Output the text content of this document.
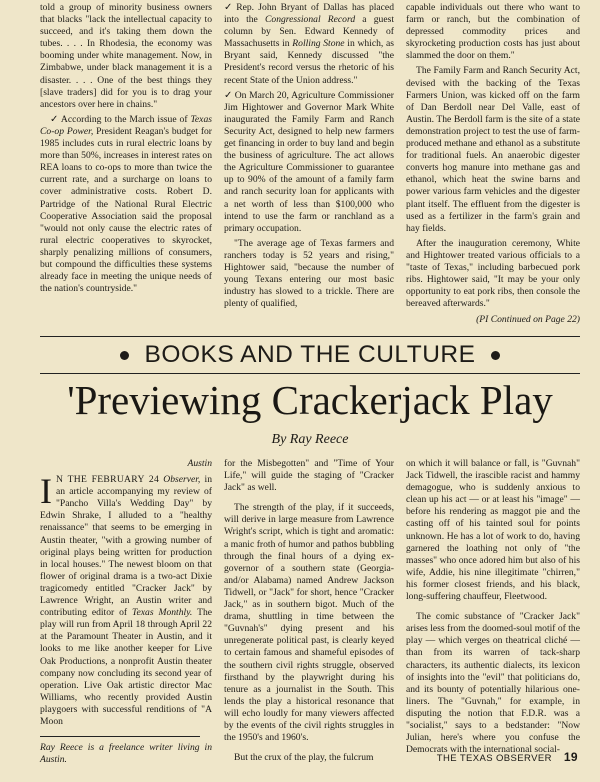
told a group of minority business owners that blacks "lack the intellectual capacity to succeed, and it's taking them down the tubes. . . . In Rhodesia, the economy was booming under white management. Now, in Zimbabwe, under black management it is a disaster. . . . One of the best things they [slave traders] did for you is to drag your ancestors over here in chains."

✓ According to the March issue of Texas Co-op Power, President Reagan's budget for 1985 includes cuts in rural electric loans by more than 50%, increases in interest rates on REA loans to co-ops to more than twice the current rate, and a surcharge on loans to cover administrative costs. Robert D. Partridge of the National Rural Electric Cooperative Association said the proposal "would not only cause the electric rates of rural electric cooperatives to skyrocket, sharply penalizing millions of consumers, but compound the difficulties these systems already face in meeting the unique needs of the nation's countryside."

✓ Rep. John Bryant of Dallas has placed into the Congressional Record a guest column by Sen. Edward Kennedy of Massachusetts in Rolling Stone in which, as Bryant said, Kennedy discussed "the President's record versus the rhetoric of his recent State of the Union address."

✓ On March 20, Agriculture Commissioner Jim Hightower and Governor Mark White inaugurated the Family Farm and Ranch Security Act, designed to help new farmers get financing in order to buy land and begin the business of agriculture. The act allows the Agriculture Commissioner to guarantee up to 90% of the amount of a family farm and ranch security loan for applicants with a net worth of less than $100,000 who intend to use the farm or ranchland as a primary occupation.

"The average age of Texas farmers and ranchers today is 52 years and rising," Hightower said, "because the number of young Texans entering our most basic industry has slowed to a trickle. There are plenty of qualified,

capable individuals out there who want to farm or ranch, but the combination of depressed commodity prices and skyrocketing production costs has just about slammed the door on them."

The Family Farm and Ranch Security Act, devised with the backing of the Texas Farmers Union, was kicked off on the farm of Dan Berdoll near Del Valle, east of Austin. The Berdoll farm is the site of a state demonstration project to test the use of farm-produced methane and ethanol as a substitute for traditional fuels. An anaerobic digester converts hog manure into methane gas and ethanol, which heat the swine barns and power various farm vehicles and the digester plant itself. The effluent from the digester is used as a fertilizer in the farm's grain and hay fields.

After the inauguration ceremony, White and Hightower treated various officials to a "taste of Texas," including barbecued pork ribs. Hightower said, "It may be your only opportunity to eat pork ribs, then console the bereaved afterwards."

(PI Continued on Page 22)
BOOKS AND THE CULTURE
'Previewing Crackerjack Play
By Ray Reece
Austin

I N THE FEBRUARY 24 Observer, in an article accompanying my review of "Pancho Villa's Wedding Day" by Edwin Shrake, I alluded to a "healthy renaissance" that seems to be emerging in Austin theater, "with a growing number of original plays being written for production in local houses." The newest bloom on that flower of original drama is a two-act Dixie tragicomedy entitled "Cracker Jack" by Lawrence Wright, an Austin writer and contributing editor of Texas Monthly. The play will run from April 18 through April 22 at the Paramount Theater in Austin, and it looks to me like another keeper for Live Oak Productions, a nonprofit Austin theater company now concluding its second year of operation. Live Oak artistic director Mac Williams, who recently provided Austin playgoers with successful renditions of "A Moon

Ray Reece is a freelance writer living in Austin.

for the Misbegotten" and "Time of Your Life," will guide the staging of "Cracker Jack" as well.

The strength of the play, if it succeeds, will derive in large measure from Lawrence Wright's script, which is tight and aromatic: a manic froth of humor and pathos bubbling through the final hours of a dying ex-governor of a southern state (Georgia-and/or Alabama) named Andrew Jackson Tidwell, or "Jack" for short, hence "Cracker Jack," as in southern bigot. Much of the drama, shuttling in time between the "Guvnah's" dying present and his unregenerate political past, is clearly keyed to certain famous and shameful episodes of the southern civil rights struggle, observed firsthand by the playwright during his tenure as a journalist in the South. This lends the play a historical resonance that will echo loudly for many viewers affected by the events of the civil rights struggles in the 1950's and 1960's.

But the crux of the play, the fulcrum

on which it will balance or fall, is "Guvnah" Jack Tidwell, the irascible racist and hammy demagogue, who is suddenly anxious to clean up his act — or at least his "image" — before his rendering as maggot pie and the casting off of his tainted soul for points unknown. He has a lot of work to do, having garnered the loathing not only of "the masses" who once adored him but also of his wife, Addie, his nine illegitimate "chirren," his former closest friends, and his black, long-suffering chauffeur, Fleetwood.

The comic substance of "Cracker Jack" arises less from the doomed-soul motif of the play — which verges on theatrical cliché — than from its warren of tack-sharp characters, its authentic dialects, its lexicon of insights into the "evil" that politicians do, and its bounty of potentially hilarious one-liners. The "Guvnah," for example, in disputing the notion that F.D.R. was a "socialist," says to a bedstander: "Now Julian, here's where you confuse the Democrats with the international social-

THE TEXAS OBSERVER 19
